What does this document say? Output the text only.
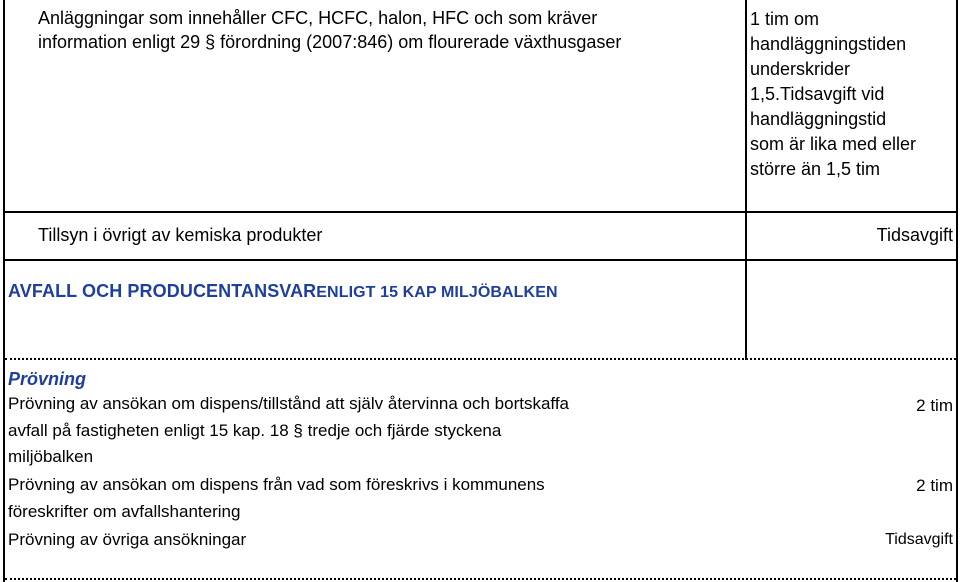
Anläggningar som innehåller CFC, HCFC, halon, HFC och som kräver
information enligt 29 § förordning (2007:846) om flourerade växthusgaser
1 tim om
handläggningstiden
underskrider
1,5.Tidsavgift vid
handläggningstid
som är lika med eller
större än 1,5 tim
Tillsyn i övrigt av kemiska produkter	Tidsavgift
AVFALL OCH PRODUCENTANSVARENLIGT 15 KAP MILJÖBALKEN
Prövning
Prövning av ansökan om dispens/tillstånd att själv återvinna och bortskaffa
avfall på fastigheten enligt 15 kap. 18 § tredje och fjärde styckena
miljöbalken
2 tim
Prövning av ansökan om dispens från vad som föreskrivs i kommunens
föreskrifter om avfallshantering
2 tim
Prövning av övriga ansökningar	Tidsavgift
